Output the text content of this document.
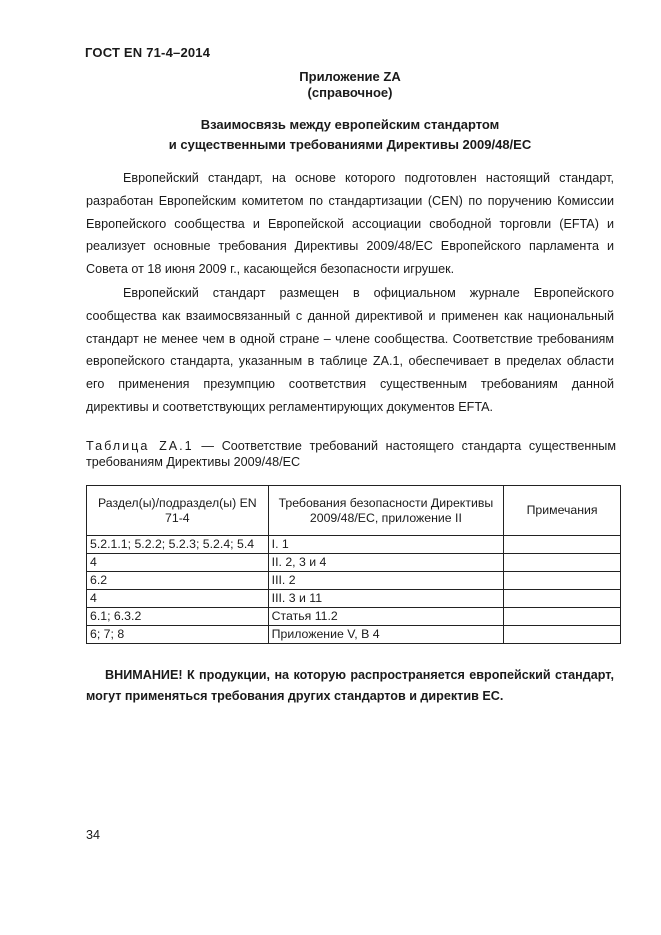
ГОСТ EN 71-4–2014
Приложение ZA
(справочное)
Взаимосвязь между европейским стандартом
и существенными требованиями Директивы 2009/48/ЕС

Европейский стандарт, на основе которого подготовлен настоящий стандарт, разработан Европейским комитетом по стандартизации (CEN) по поручению Комиссии Европейского сообщества и Европейской ассоциации свободной торговли (EFTA) и реализует основные требования Директивы 2009/48/ЕС Европейского парламента и Совета от 18 июня 2009 г., касающейся безопасности игрушек.

Европейский стандарт размещен в официальном журнале Европейского сообщества как взаимосвязанный с данной директивой и применен как национальный стандарт не менее чем в одной стране – члене сообщества. Соответствие требованиям европейского стандарта, указанным в таблице ZA.1, обеспечивает в пределах области его применения презумпцию соответствия существенным требованиям данной директивы и соответствующих регламентирующих документов EFTA.

Таблица ZA.1 — Соответствие требований настоящего стандарта существенным требованиям Директивы 2009/48/ЕС

Раздел(ы)/подраздел(ы) EN 71-4	Требования безопасности Директивы 2009/48/ЕС, приложение II	Примечания
5.2.1.1; 5.2.2; 5.2.3; 5.2.4; 5.4	I. 1	
4	II. 2, 3 и 4	
6.2	III. 2	
4	III. 3 и 11	
6.1; 6.3.2	Статья 11.2	
6; 7; 8	Приложение V, В 4	

ВНИМАНИЕ! К продукции, на которую распространяется европейский стандарт, могут применяться требования других стандартов и директив ЕС.

34
